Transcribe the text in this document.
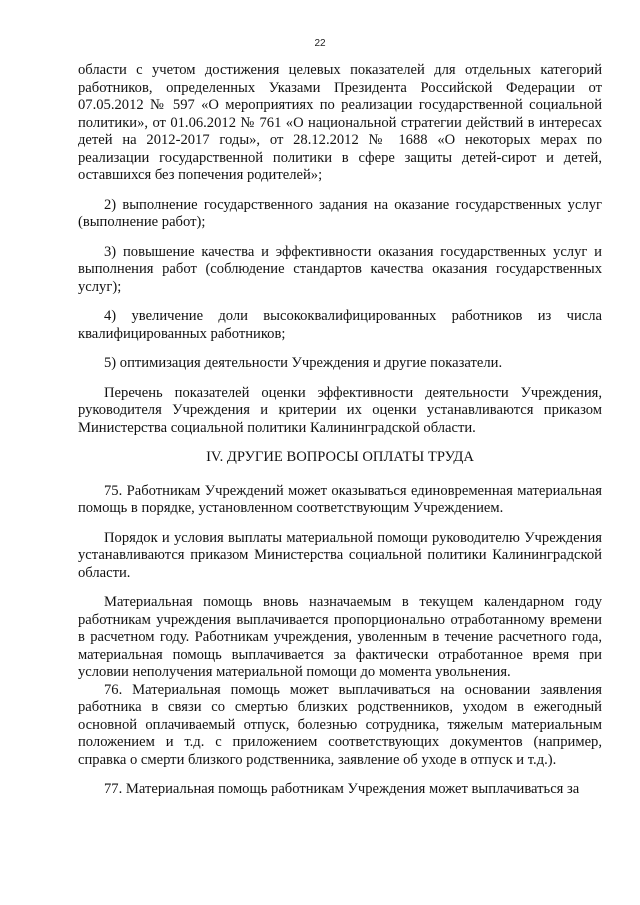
22

области с учетом достижения целевых показателей для отдельных категорий работников, определенных Указами Президента Российской Федерации от 07.05.2012 № 597 «О мероприятиях по реализации государственной социальной политики», от 01.06.2012 № 761 «О национальной стратегии действий в интересах детей на 2012-2017 годы», от 28.12.2012 № 1688 «О некоторых мерах по реализации государственной политики в сфере защиты детей-сирот и детей, оставшихся без попечения родителей»;

2) выполнение государственного задания на оказание государственных услуг (выполнение работ);

3) повышение качества и эффективности оказания государственных услуг и выполнения работ (соблюдение стандартов качества оказания государственных услуг);

4) увеличение доли высококвалифицированных работников из числа квалифицированных работников;

5) оптимизация деятельности Учреждения и другие показатели.

Перечень показателей оценки эффективности деятельности Учреждения, руководителя Учреждения и критерии их оценки устанавливаются приказом Министерства социальной политики Калининградской области.

IV. ДРУГИЕ ВОПРОСЫ ОПЛАТЫ ТРУДА

75. Работникам Учреждений может оказываться единовременная материальная помощь в порядке, установленном соответствующим Учреждением.

Порядок и условия выплаты материальной помощи руководителю Учреждения устанавливаются приказом Министерства социальной политики Калининградской области.

Материальная помощь вновь назначаемым в текущем календарном году работникам учреждения выплачивается пропорционально отработанному времени в расчетном году. Работникам учреждения, уволенным в течение расчетного года, материальная помощь выплачивается за фактически отработанное время при условии неполучения материальной помощи до момента увольнения.

76. Материальная помощь может выплачиваться на основании заявления работника в связи со смертью близких родственников, уходом в ежегодный основной оплачиваемый отпуск, болезнью сотрудника, тяжелым материальным положением и т.д. с приложением соответствующих документов (например, справка о смерти близкого родственника, заявление об уходе в отпуск и т.д.).

77. Материальная помощь работникам Учреждения может выплачиваться за
